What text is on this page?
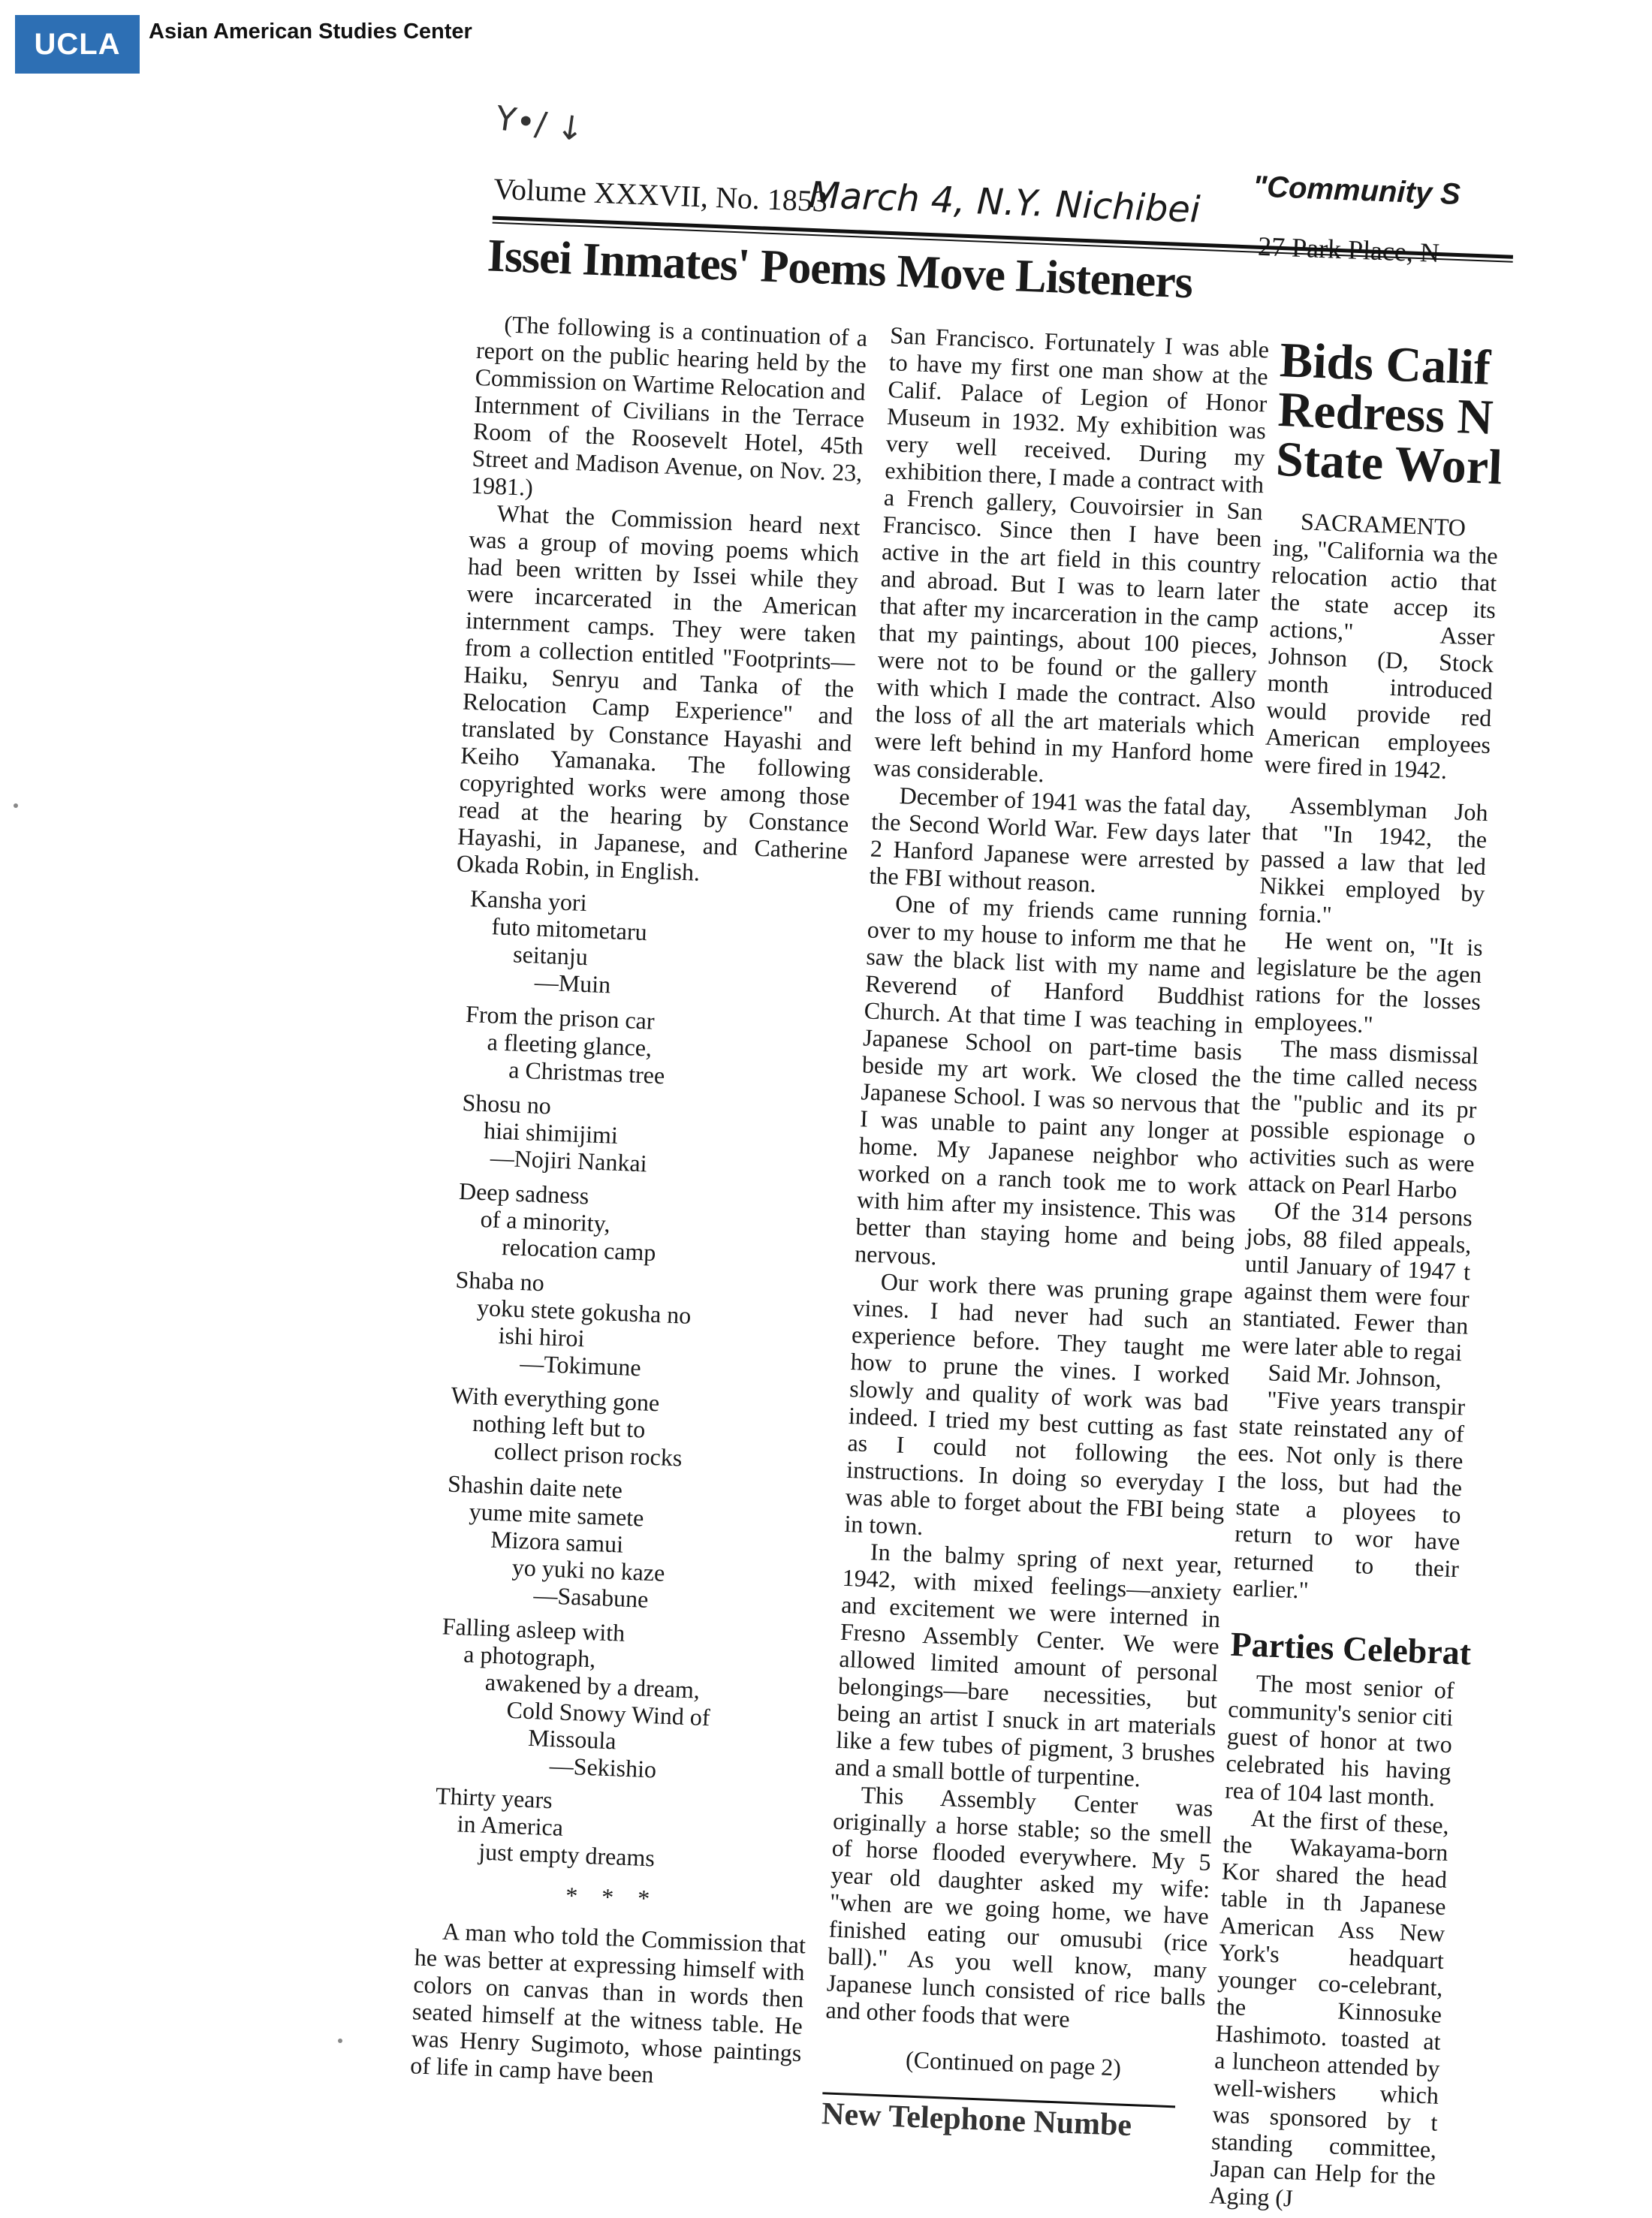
UCLA	Asian American Studies Center
Y•/ ↓
Volume XXXVII, No. 1853
March 4, N.Y. Nichibei "Community S
27 Park Place, N
Issei Inmates' Poems Move Listeners

(The following is a continuation of a report on the public hearing held by the Commission on Wartime Relocation and Internment of Civilians in the Terrace Room of the Roosevelt Hotel, 45th Street and Madison Avenue, on Nov. 23, 1981.)

What the Commission heard next was a group of moving poems which had been written by Issei while they were incarcerated in the American internment camps. They were taken from a collection entitled "Footprints—Haiku, Senryu and Tanka of the Relocation Camp Experience" and translated by Constance Hayashi and Keiho Yamanaka. The following copyrighted works were among those read at the hearing by Constance Hayashi, in Japanese, and Catherine Okada Robin, in English.

Kansha yori
futo mitometaru
seitanju
—Muin
From the prison car
a fleeting glance,
a Christmas tree
Shosu no
hiai shimijimi
—Nojiri Nankai
Deep sadness
of a minority,
relocation camp
Shaba no
yoku stete gokusha no
ishi hiroi
—Tokimune
With everything gone
nothing left but to
collect prison rocks
Shashin daite nete
yume mite samete
Mizora samui
yo yuki no kaze
—Sasabune
Falling asleep with
a photograph,
awakened by a dream,
Cold Snowy Wind of
Missoula
—Sekishio
Thirty years
in America
just empty dreams
* * *

A man who told the Commission that he was better at expressing himself with colors on canvas than in words then seated himself at the witness table. He was Henry Sugimoto, whose paintings of life in camp have been

San Francisco. Fortunately I was able to have my first one man show at the Calif. Palace of Legion of Honor Museum in 1932. My exhibition was very well received. During my exhibition there, I made a contract with a French gallery, Couvoirsier in San Francisco. Since then I have been active in the art field in this country and abroad. But I was to learn later that after my incarceration in the camp that my paintings, about 100 pieces, were not to be found or the gallery with which I made the contract. Also the loss of all the art materials which were left behind in my Hanford home was considerable.

December of 1941 was the fatal day, the Second World War. Few days later 2 Hanford Japanese were arrested by the FBI without reason.

One of my friends came running over to my house to inform me that he saw the black list with my name and Reverend of Hanford Buddhist Church. At that time I was teaching in Japanese School on part-time basis beside my art work. We closed the Japanese School. I was so nervous that I was unable to paint any longer at home. My Japanese neighbor who worked on a ranch took me to work with him after my insistence. This was better than staying home and being nervous.

Our work there was pruning grape vines. I had never had such an experience before. They taught me how to prune the vines. I worked slowly and quality of work was bad indeed. I tried my best cutting as fast as I could not following the instructions. In doing so everyday I was able to forget about the FBI being in town.

In the balmy spring of next year, 1942, with mixed feelings—anxiety and excitement we were interned in Fresno Assembly Center. We were allowed limited amount of personal belongings—bare necessities, but being an artist I snuck in art materials like a few tubes of pigment, 3 brushes and a small bottle of turpentine.

This Assembly Center was originally a horse stable; so the smell of horse flooded everywhere. My 5 year old daughter asked my wife: "when are we going home, we have finished eating our omusubi (rice ball)." As you well know, many Japanese lunch consisted of rice balls and other foods that were

(Continued on page 2)
New Telephone Numbe
Bids Calif
Redress N
State Worl

SACRAMENTO ing, "California wa the relocation actio that the state accep its actions," Asser Johnson (D, Stock month introduced would provide red American employees were fired in 1942.

Assemblyman Joh that "In 1942, the passed a law that led Nikkei employed by fornia."

He went on, "It is legislature be the agen rations for the losses employees."

The mass dismissal the time called necess the "public and its pr possible espionage o activities such as were attack on Pearl Harbo

Of the 314 persons jobs, 88 filed appeals, until January of 1947 t against them were four stantiated. Fewer than were later able to regai

Said Mr. Johnson,

"Five years transpir state reinstated any of ees. Not only is there the loss, but had the state a ployees to return to wor have returned to their earlier."

Parties Celebrat

The most senior of community's senior citi guest of honor at two celebrated his having rea of 104 last month.

At the first of these, the Wakayama-born Kor shared the head table in th Japanese American Ass New York's headquart younger co-celebrant, the Kinnosuke Hashimoto. toasted at a luncheon attended by well-wishers which was sponsored by t standing committee, Japan can Help for the Aging (J
